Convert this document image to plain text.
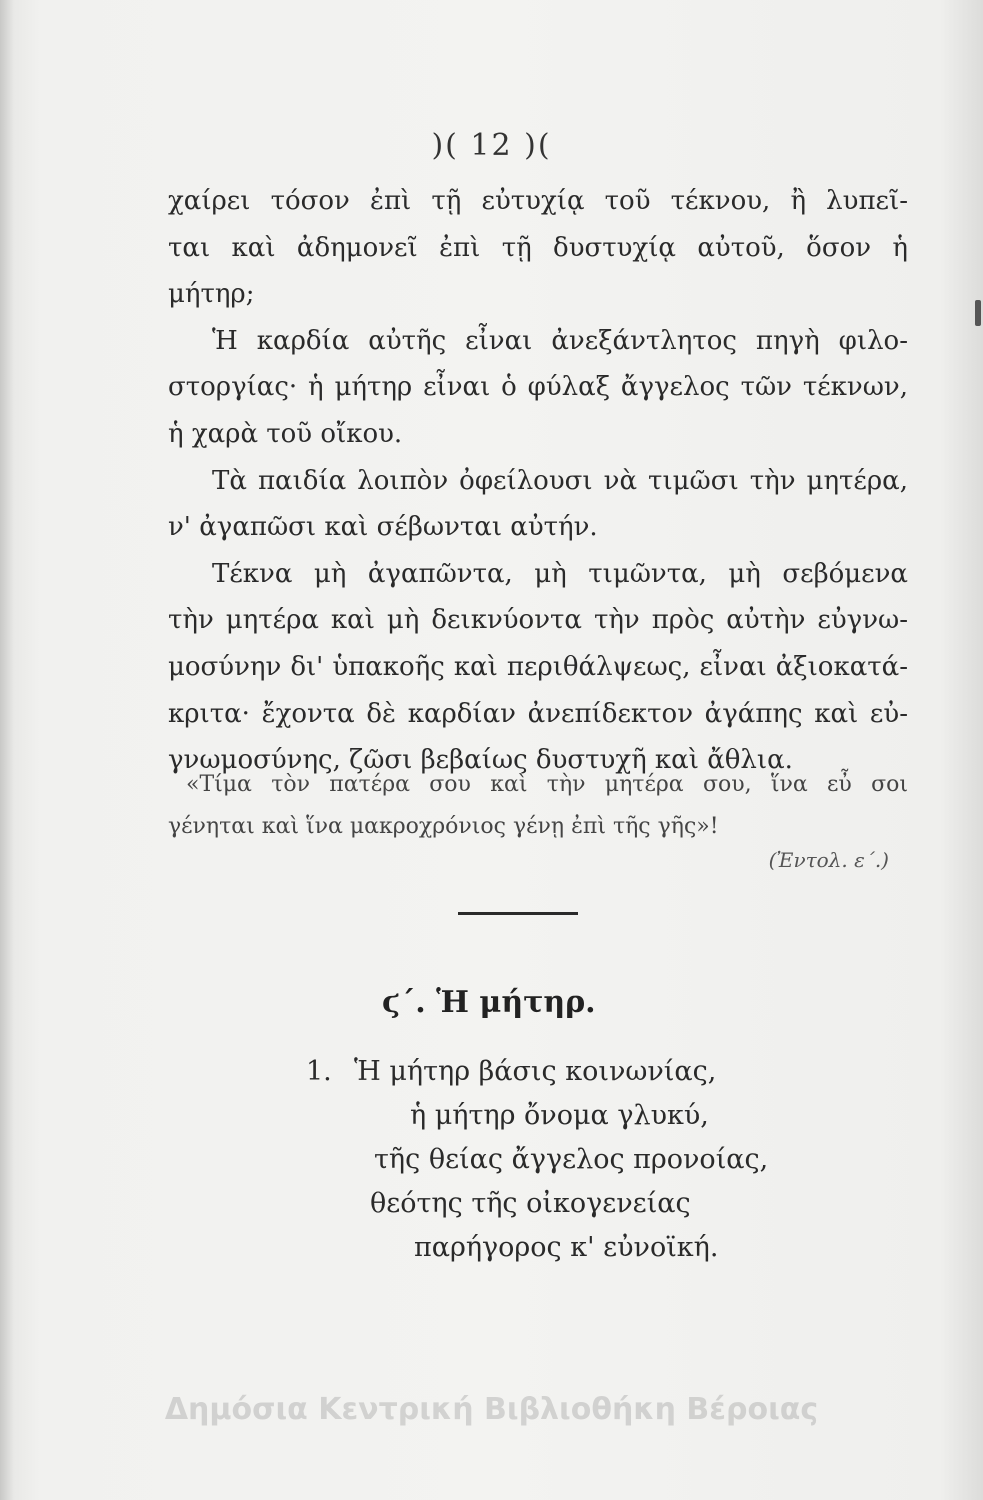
)( 12 )(
χαίρει τόσον ἐπὶ τῇ εὐτυχίᾳ τοῦ τέκνου, ἢ λυπεῖ-
ται καὶ ἀδημονεῖ ἐπὶ τῇ δυστυχίᾳ αὐτοῦ, ὅσον ἡ
μήτηρ;
Ἡ καρδία αὐτῆς εἶναι ἀνεξάντλητος πηγὴ φιλο-
στοργίας· ἡ μήτηρ εἶναι ὁ φύλαξ ἄγγελος τῶν τέκνων,
ἡ χαρὰ τοῦ οἴκου.
Τὰ παιδία λοιπὸν ὀφείλουσι νὰ τιμῶσι τὴν μητέρα,
ν' ἀγαπῶσι καὶ σέβωνται αὐτήν.
Τέκνα μὴ ἀγαπῶντα, μὴ τιμῶντα, μὴ σεβόμενα
τὴν μητέρα καὶ μὴ δεικνύοντα τὴν πρὸς αὐτὴν εὐγνω-
μοσύνην δι' ὑπακοῆς καὶ περιθάλψεως, εἶναι ἀξιοκατά-
κριτα· ἔχοντα δὲ καρδίαν ἀνεπίδεκτον ἀγάπης καὶ εὐ-
γνωμοσύνης, ζῶσι βεβαίως δυστυχῆ καὶ ἄθλια.
«Τίμα τὸν πατέρα σου καὶ τὴν μητέρα σου, ἵνα εὖ σοι
γένηται καὶ ἵνα μακροχρόνιος γένῃ ἐπὶ τῆς γῆς»!
(Ἐντολ. ε΄.)
ϛ΄. Ἡ μήτηρ.
1. Ἡ μήτηρ βάσις κοινωνίας,
ἡ μήτηρ ὄνομα γλυκύ,
τῆς θείας ἄγγελος προνοίας,
θεότης τῆς οἰκογενείας
παρήγορος κ' εὐνοϊκή.
Δημόσια Κεντρική Βιβλιοθήκη Βέροιας
